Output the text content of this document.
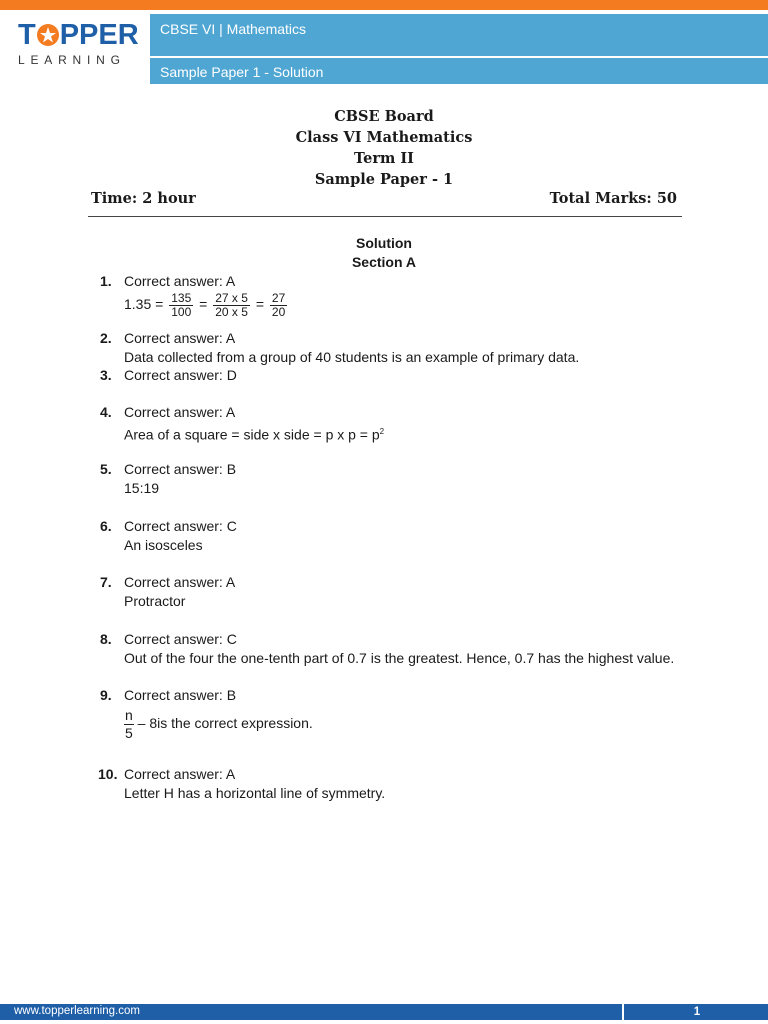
T PPER
LEARNING
CBSE VI | Mathematics
Sample Paper 1 - Solution
CBSE Board
Class VI Mathematics
Term II
Sample Paper - 1
Time: 2 hour	Total Marks: 50
Solution
Section A
1. Correct answer: A
$1.35 = \frac{135}{100} = \frac{27 x 5}{20 x 5} = \frac{27}{20}$
2. Correct answer: A
Data collected from a group of 40 students is an example of primary data.
3. Correct answer: D
4. Correct answer: A
Area of a square = side x side = p x $p = p^2$
5. Correct answer: B
15:19
6. Correct answer: C
An isosceles
7. Correct answer: A
Protractor
8. Correct answer: C
Out of the four the one-tenth part of 0.7 is the greatest. Hence, 0.7 has the highest value.
9. Correct answer: B
$\frac{n}{5} - 8is$ the correct expression.
10. Correct answer: A
Letter H has a horizontal line of symmetry.
www.topperlearning.com	1
